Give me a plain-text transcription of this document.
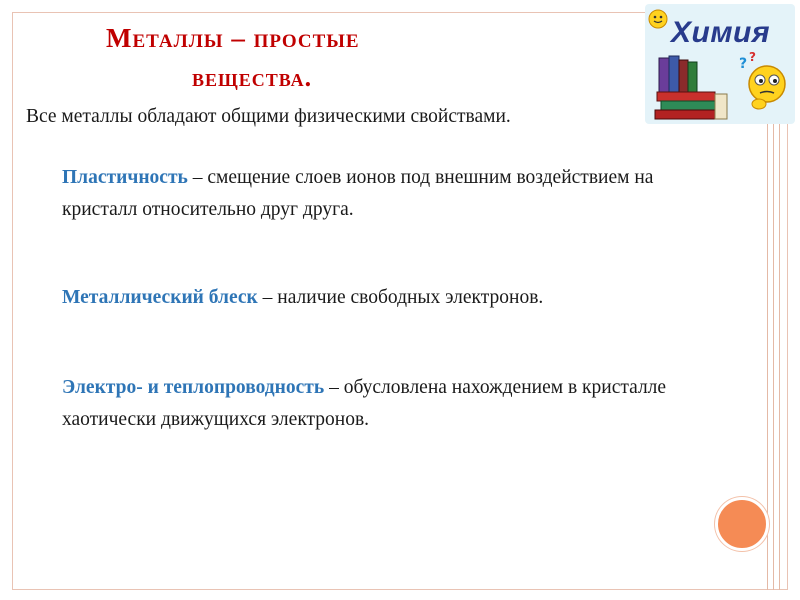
Металлы – простые
вещества.
Химия
? ?
Все металлы обладают общими физическими свойствами.
Пластичность – смещение слоев ионов под внешним воздействием на кристалл относительно друг друга.
Металлический блеск – наличие свободных электронов.
Электро- и теплопроводность – обусловлена нахождением в кристалле хаотически движущихся электронов.
